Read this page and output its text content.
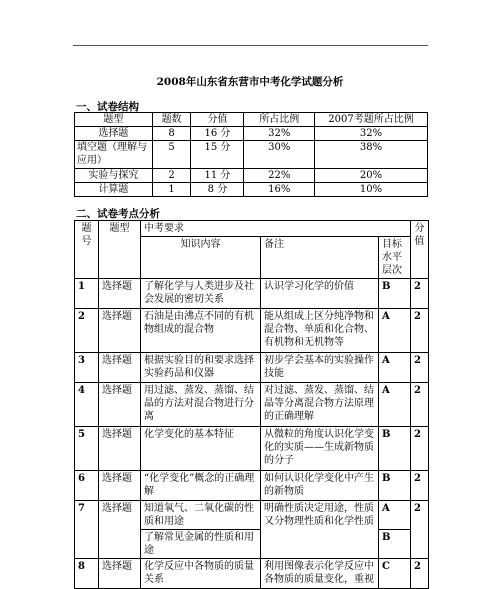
2008年山东省东营市中考化学试题分析
一、试卷结构
题型	题数	分值	所占比例	2007考题所占比例
选择题	8	16 分	32%	32%
填空题（理解与应用）	5	15 分	30%	38%
实验与探究	2	11 分	22%	20%
计算题	1	8 分	16%	10%
二、试卷考点分析
题号	题型	中考要求			分值
		知识内容	备注	目标水平层次	
1	选择题	了解化学与人类进步及社会发展的密切关系	认识学习化学的价值	B	2
2	选择题	石油是由沸点不同的有机物组成的混合物	能从组成上区分纯净物和混合物、单质和化合物、有机物和无机物等	A	2
3	选择题	根据实验目的和要求选择实验药品和仪器	初步学会基本的实验操作技能	A	2
4	选择题	用过滤、蒸发、蒸馏、结晶的方法对混合物进行分离	对过滤、蒸发、蒸馏、结晶等分离混合物方法原理的正确理解	A	2
5	选择题	化学变化的基本特征	从微粒的角度认识化学变化的实质——生成新物质的分子	B	2
6	选择题	“化学变化”概念的正确理解	如何认识化学变化中产生的新物质	B	2
7	选择题	知道氧气、二氧化碳的性质和用途	明确性质决定用途，性质又分物理性质和化学性质	A	2
		了解常见金属的性质和用途		B	
8	选择题	化学反应中各物质的质量关系	利用图像表示化学反应中各物质的质量变化，重视	C	2
